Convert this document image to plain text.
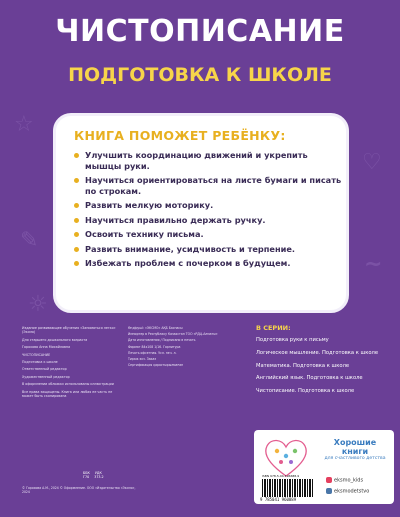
☆
♡
✎
~
☼
ЧИСТОПИСАНИЕ
ПОДГОТОВКА К ШКОЛЕ
КНИГА ПОМОЖЕТ РЕБЁНКУ:
Улучшить координацию движений и укрепить мышцы руки.
Научиться ориентироваться на листе бумаги и писать по строкам.
Развить мелкую моторику.
Научиться правильно держать ручку.
Освоить технику письма.
Развить внимание, усидчивость и терпение.
Избежать проблем с почерком в будущем.

Издание развивающее обучения «Заниматься легко» (Эксмо)

Для старшего дошкольного возраста

Горохова Анна Михайловна

ЧИСТОПИСАНИЕ

Подготовка к школе

Ответственный редактор

Художественный редактор

В оформлении обложки использованы иллюстрации

Все права защищены. Книга или любая ее часть не может быть скопирована

Өндіруші: «ЭКСМО» АҚБ Баспасы

Импортер в Республику Казахстан ТОО «РДЦ-Алматы»

Дата изготовления / Подписано в печать

Формат 84x108 1/16. Гарнитура

Печать офсетная. Усл. печ. л.

Тираж экз. Заказ

Сертификация қарастырылмаған

ББК УДК
Г70 373.2
© Горохова А.М., 2024 © Оформление. ООО «Издательство «Эксмо», 2024
В СЕРИИ:
Подготовка руки к письму
Логическое мышление. Подготовка к школе
Математика. Подготовка к школе
Английский язык. Подготовка к школе
Чистописание. Подготовка к школе
ISBN 978-5-04-196688-9
9 785041 960889
Хорошие книги
для счастливого детства
eksmo_kids
eksmodetstvo
